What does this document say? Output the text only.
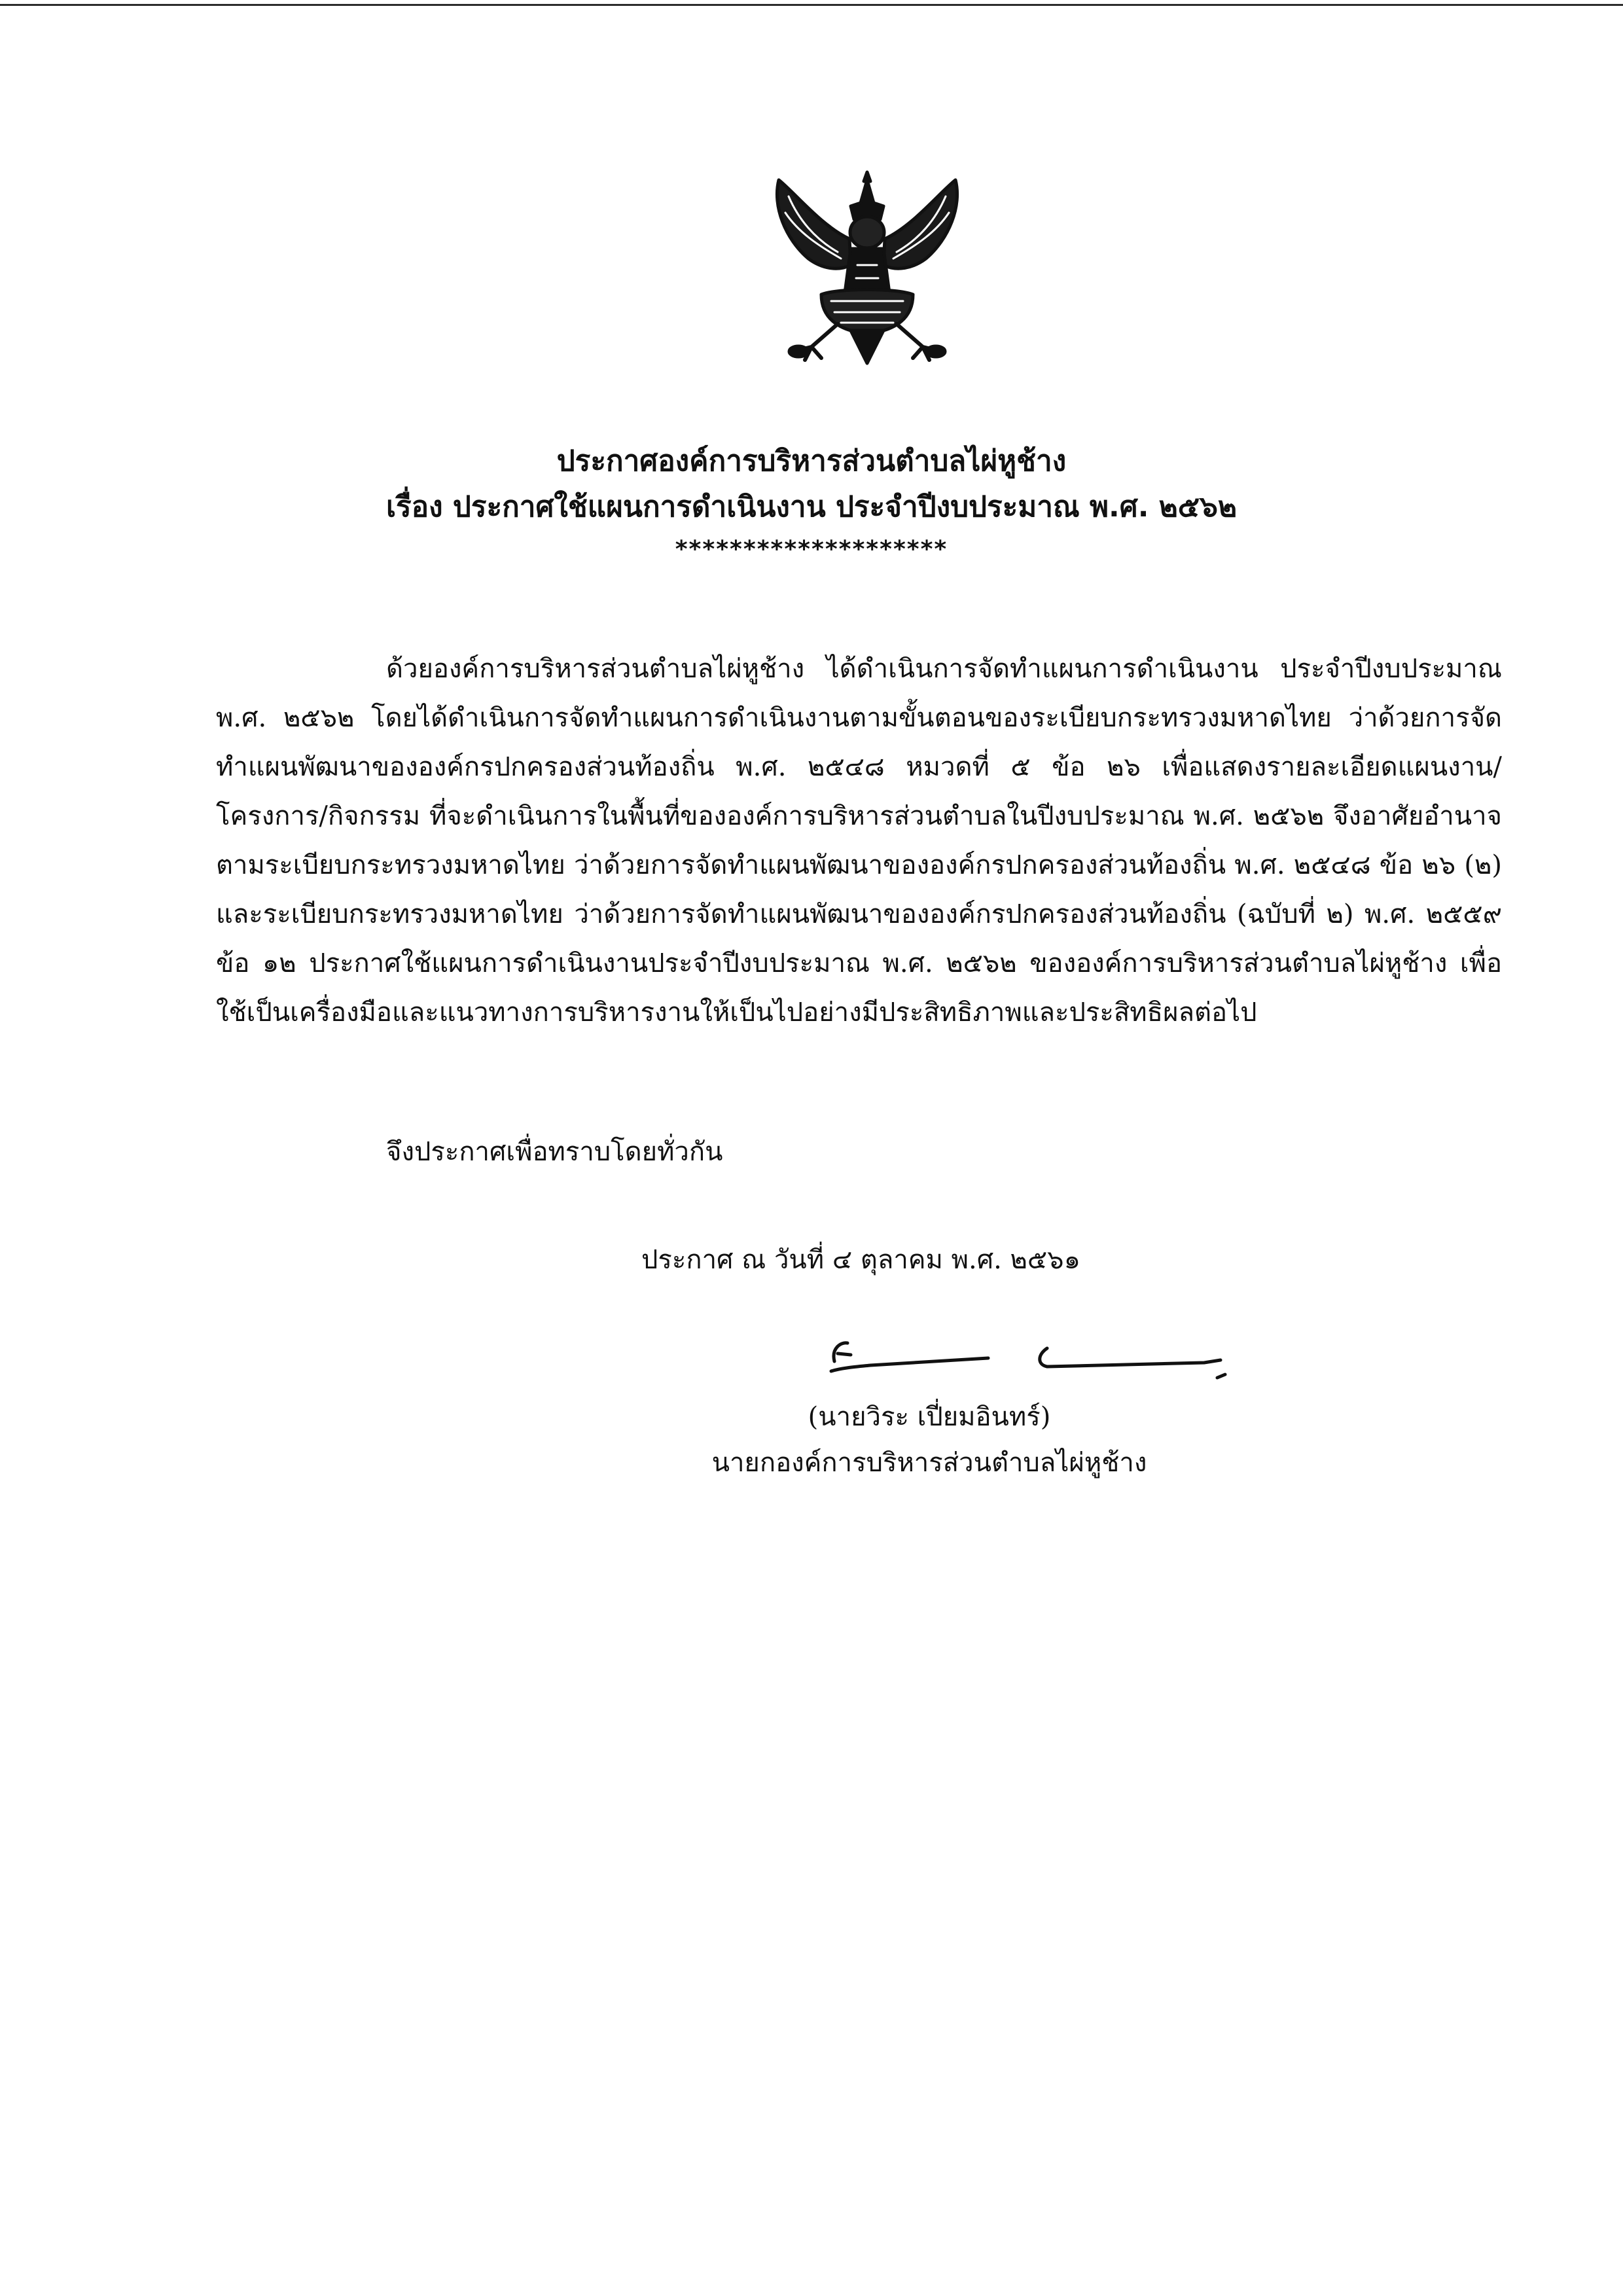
ประกาศองค์การบริหารส่วนตำบลไผ่หูช้าง
เรื่อง ประกาศใช้แผนการดำเนินงาน ประจำปีงบประมาณ พ.ศ. ๒๕๖๒
********************
ด้วยองค์การบริหารส่วนตำบลไผ่หูช้าง ได้ดำเนินการจัดทำแผนการดำเนินงาน ประจำปีงบประมาณ พ.ศ. ๒๕๖๒ โดยได้ดำเนินการจัดทำแผนการดำเนินงานตามขั้นตอนของระเบียบกระทรวงมหาดไทย ว่าด้วยการจัดทำแผนพัฒนาขององค์กรปกครองส่วนท้องถิ่น พ.ศ. ๒๕๔๘ หมวดที่ ๕ ข้อ ๒๖ เพื่อแสดงรายละเอียดแผนงาน/โครงการ/กิจกรรม ที่จะดำเนินการในพื้นที่ขององค์การบริหารส่วนตำบลในปีงบประมาณ พ.ศ. ๒๕๖๒ จึงอาศัยอำนาจตามระเบียบกระทรวงมหาดไทย ว่าด้วยการจัดทำแผนพัฒนาขององค์กรปกครองส่วนท้องถิ่น พ.ศ. ๒๕๔๘ ข้อ ๒๖ (๒) และระเบียบกระทรวงมหาดไทย ว่าด้วยการจัดทำแผนพัฒนาขององค์กรปกครองส่วนท้องถิ่น (ฉบับที่ ๒) พ.ศ. ๒๕๕๙ ข้อ ๑๒ ประกาศใช้แผนการดำเนินงานประจำปีงบประมาณ พ.ศ. ๒๕๖๒ ขององค์การบริหารส่วนตำบลไผ่หูช้าง เพื่อใช้เป็นเครื่องมือและแนวทางการบริหารงานให้เป็นไปอย่างมีประสิทธิภาพและประสิทธิผลต่อไป
จึงประกาศเพื่อทราบโดยทั่วกัน
ประกาศ ณ วันที่ ๔ ตุลาคม พ.ศ. ๒๕๖๑
(นายวิระ เปี่ยมอินทร์)
นายกองค์การบริหารส่วนตำบลไผ่หูช้าง
